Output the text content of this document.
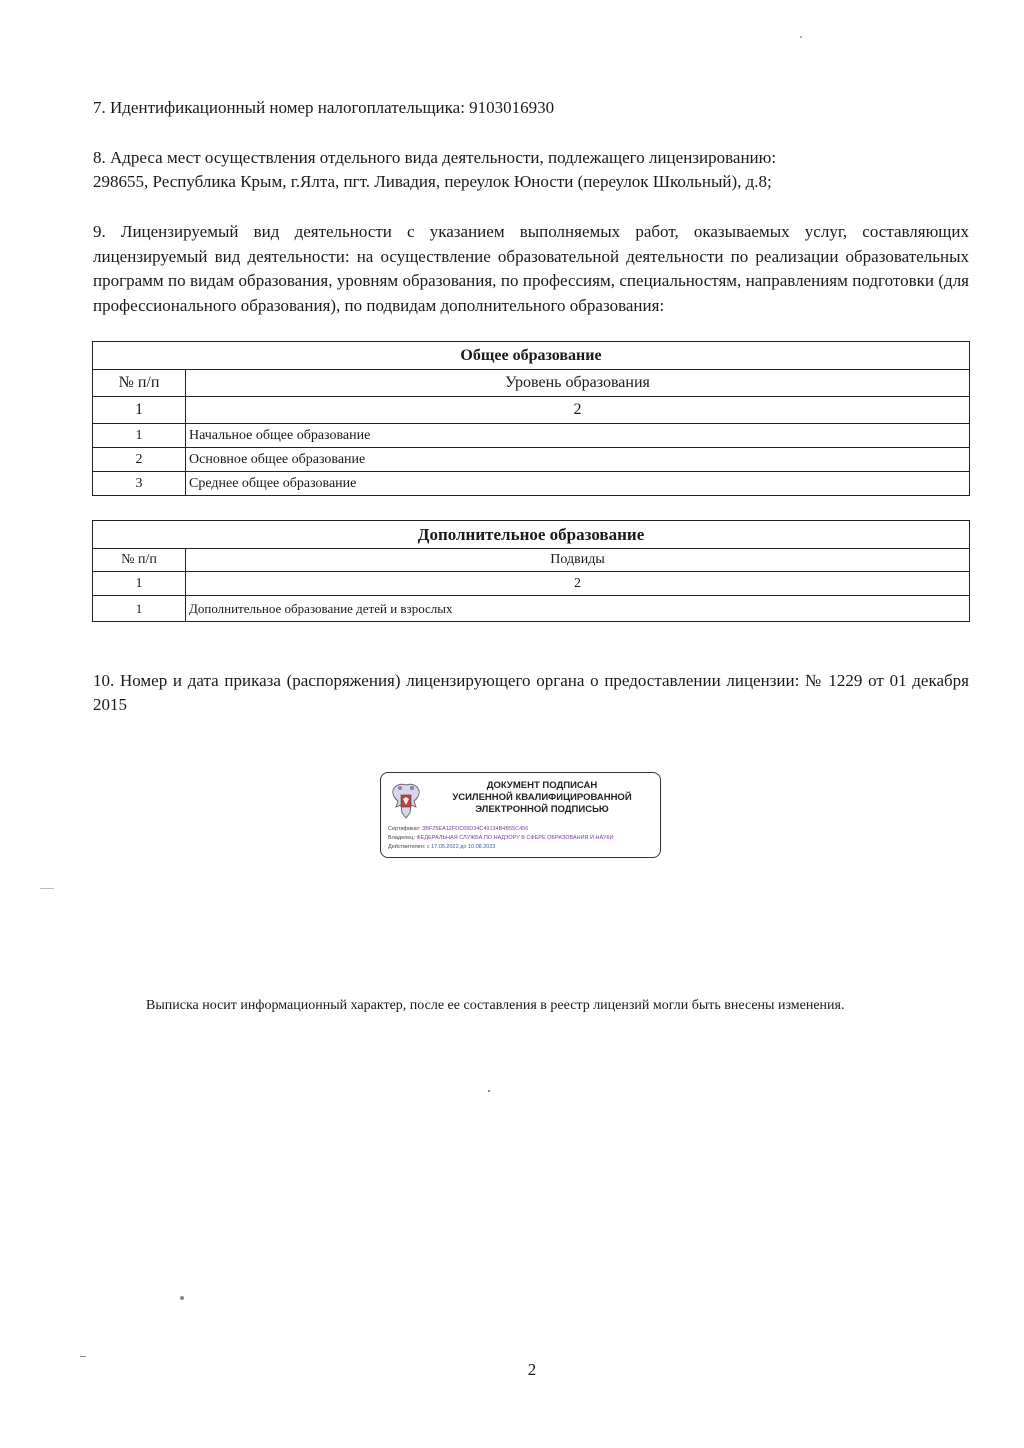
7. Идентификационный номер налогоплательщика: 9103016930

8. Адреса мест осуществления отдельного вида деятельности, подлежащего лицензированию:

298655, Республика Крым, г.Ялта, пгт. Ливадия, переулок Юности (переулок Школьный), д.8;

9. Лицензируемый вид деятельности с указанием выполняемых работ, оказываемых услуг, составляющих лицензируемый вид деятельности: на осуществление образовательной деятельности по реализации образовательных программ по видам образования, уровням образования, по профессиям, специальностям, направлениям подготовки (для профессионального образования), по подвидам дополнительного образования:

Общее образование	
№ п/п	Уровень образования
1	2
1	Начальное общее образование
2	Основное общее образование
3	Среднее общее образование
Дополнительное образование	
№ п/п	Подвиды
1	2
1	Дополнительное образование детей и взрослых

10. Номер и дата приказа (распоряжения) лицензирующего органа о предоставлении лицензии: № 1229 от 01 декабря 2015

ДОКУМЕНТ ПОДПИСАН
УСИЛЕННОЙ КВАЛИФИЦИРОВАННОЙ
ЭЛЕКТРОННОЙ ПОДПИСЬЮ
Сертификат: 3BF25EA12FDC65D34C49134B4B55C456
Владелец: ФЕДЕРАЛЬНАЯ СЛУЖБА ПО НАДЗОРУ В СФЕРЕ ОБРАЗОВАНИЯ И НАУКИ
Действителен: с 17.05.2022 до 10.08.2023

Выписка носит информационный характер, после ее составления в реестр лицензий могли быть внесены изменения.

2
